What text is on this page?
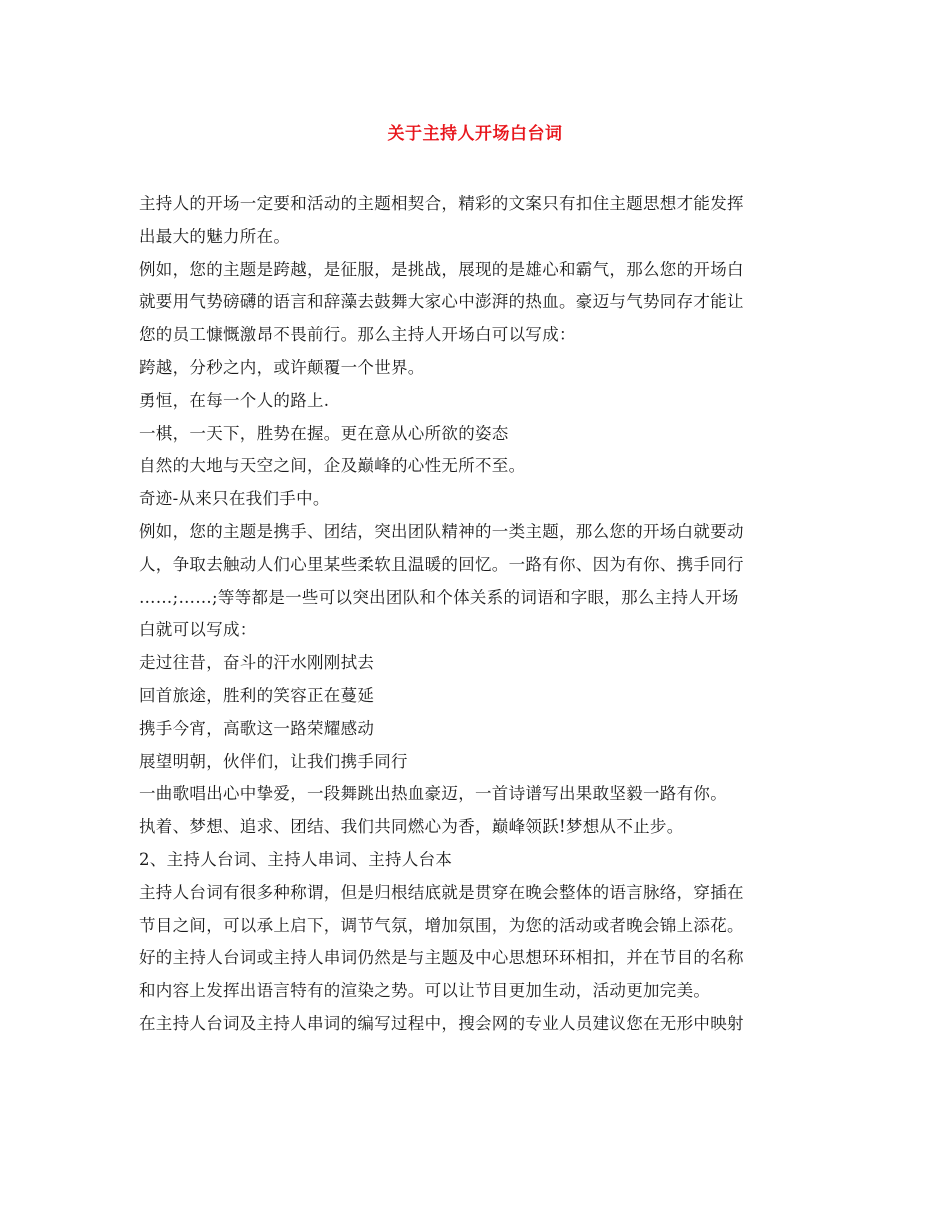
关于主持人开场白台词
主持人的开场一定要和活动的主题相契合，精彩的文案只有扣住主题思想才能发挥
出最大的魅力所在。
例如，您的主题是跨越，是征服，是挑战，展现的是雄心和霸气，那么您的开场白
就要用气势磅礴的语言和辞藻去鼓舞大家心中澎湃的热血。豪迈与气势同存才能让
您的员工慷慨激昂不畏前行。那么主持人开场白可以写成：
跨越，分秒之内，或许颠覆一个世界。
勇恒，在每一个人的路上.
一棋，一天下，胜势在握。更在意从心所欲的姿态
自然的大地与天空之间，企及巅峰的心性无所不至。
奇迹-从来只在我们手中。
例如，您的主题是携手、团结，突出团队精神的一类主题，那么您的开场白就要动
人，争取去触动人们心里某些柔软且温暖的回忆。一路有你、因为有你、携手同行
……;……;等等都是一些可以突出团队和个体关系的词语和字眼，那么主持人开场
白就可以写成：
走过往昔，奋斗的汗水刚刚拭去
回首旅途，胜利的笑容正在蔓延
携手今宵，高歌这一路荣耀感动
展望明朝，伙伴们，让我们携手同行
一曲歌唱出心中挚爱，一段舞跳出热血豪迈，一首诗谱写出果敢坚毅一路有你。
执着、梦想、追求、团结、我们共同燃心为香，巅峰领跃!梦想从不止步。
2、主持人台词、主持人串词、主持人台本
主持人台词有很多种称谓，但是归根结底就是贯穿在晚会整体的语言脉络，穿插在
节目之间，可以承上启下，调节气氛，增加氛围，为您的活动或者晚会锦上添花。
好的主持人台词或主持人串词仍然是与主题及中心思想环环相扣，并在节目的名称
和内容上发挥出语言特有的渲染之势。可以让节目更加生动，活动更加完美。
在主持人台词及主持人串词的编写过程中，搜会网的专业人员建议您在无形中映射
